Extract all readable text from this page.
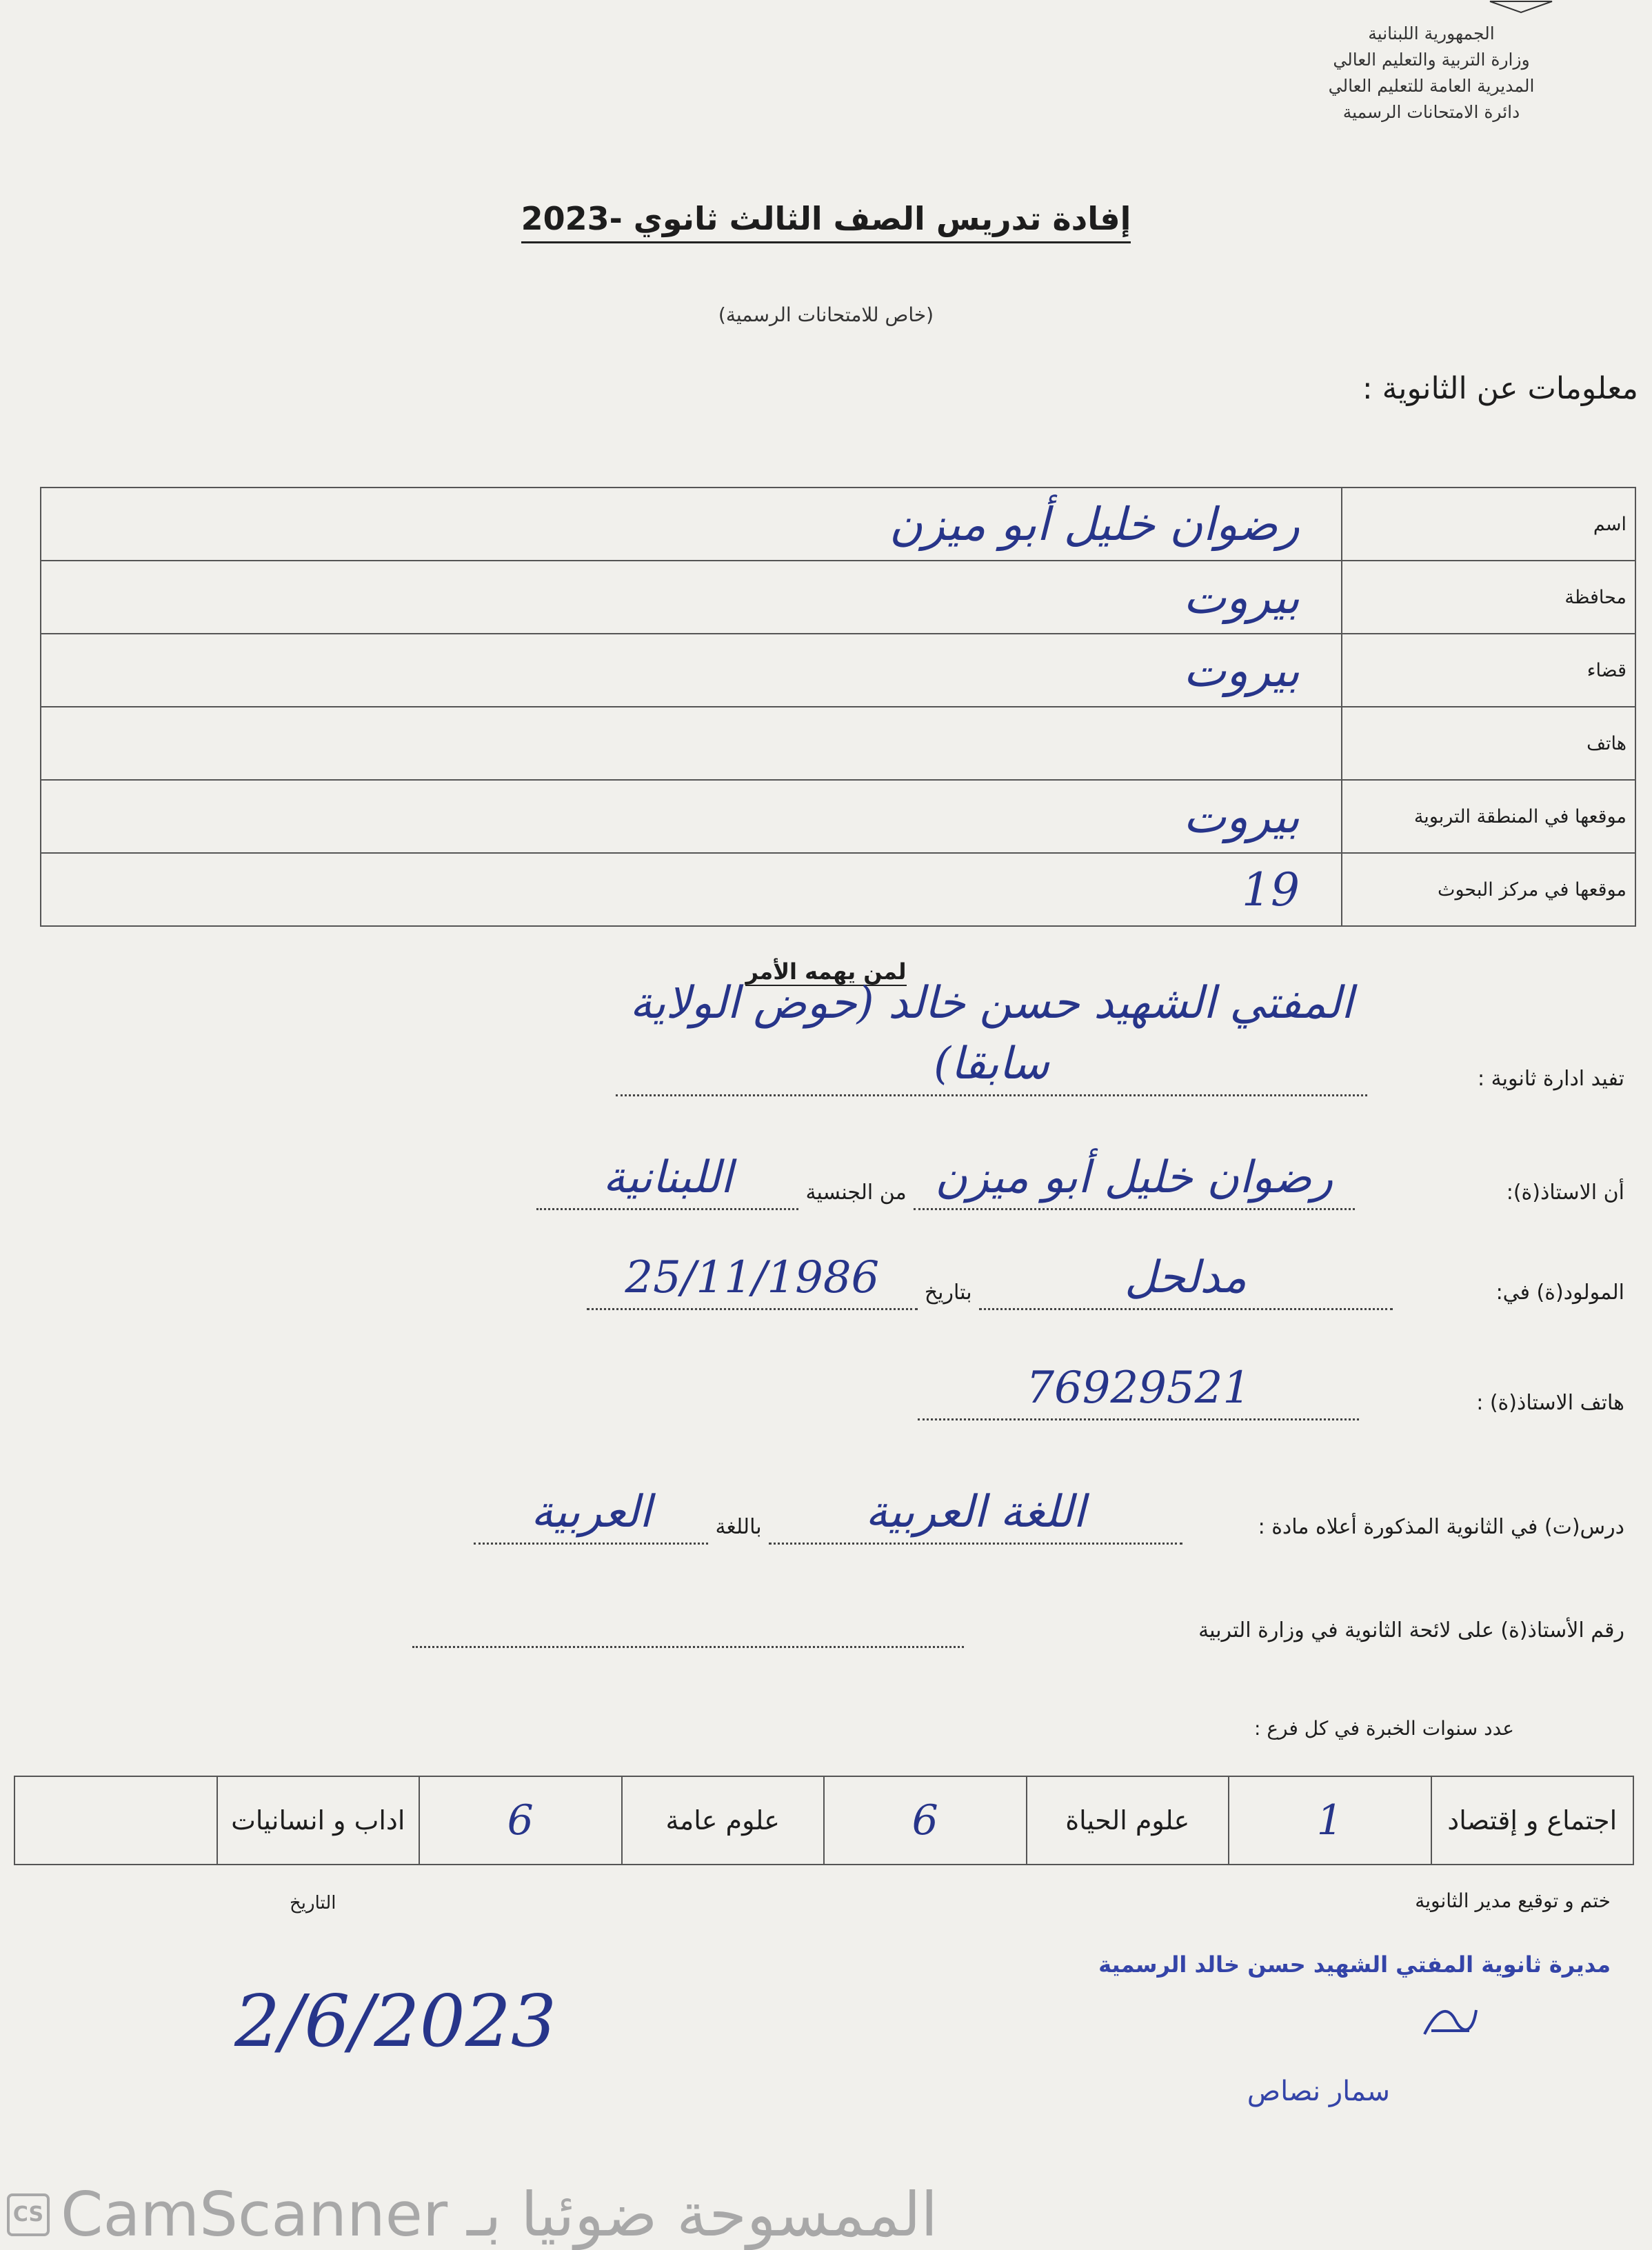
الجمهورية اللبنانية
وزارة التربية والتعليم العالي
المديرية العامة للتعليم العالي
دائرة الامتحانات الرسمية
إفادة تدريس الصف الثالث ثانوي -2023
(خاص للامتحانات الرسمية)
معلومات عن الثانوية :
اسم	رضوان خليل أبو ميزن
محافظة	بيروت
قضاء	بيروت
هاتف	
موقعها في المنطقة التربوية	بيروت
موقعها في مركز البحوث	19
لمن يهمه الأمر
تفيد ادارة ثانوية :
المفتي الشهيد حسن خالد (حوض الولاية سابقا)
أن الاستاذ(ة):
رضوان خليل أبو ميزن
من الجنسية
اللبنانية
المولود(ة) في:
مدلحل
بتاريخ
25/11/1986
هاتف الاستاذ(ة) :
76929521
درس(ت) في الثانوية المذكورة أعلاه مادة :
اللغة العربية
باللغة
العربية
رقم الأستاذ(ة) على لائحة الثانوية في وزارة التربية
عدد سنوات الخبرة في كل فرع :
اجتماع و إقتصاد	1	علوم الحياة	6	علوم عامة	6	اداب و انسانيات	
ختم و توقيع مدير الثانوية
التاريخ
2/6/2023
مديرة ثانوية المفتي الشهيد حسن خالد الرسمية
سمار نصاص
CS الممسوحة ضوئيا بـ CamScanner
